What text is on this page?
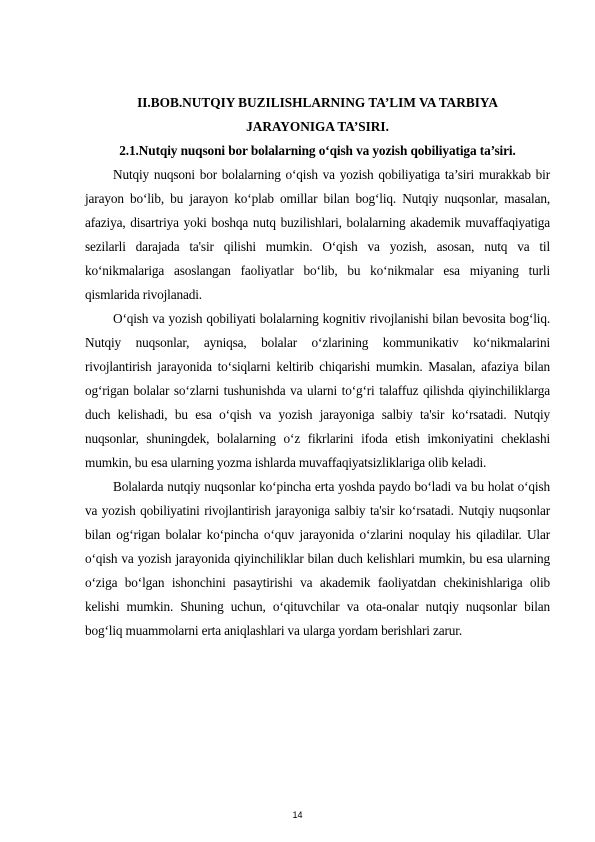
II.BOB.NUTQIY BUZILISHLARNING TA’LIM VA TARBIYA

JARAYONIGA TA’SIRI.

2.1.Nutqiy nuqsoni bor bolalarning o‘qish va yozish qobiliyatiga ta’siri.

Nutqiy nuqsoni bor bolalarning o‘qish va yozish qobiliyatiga ta’siri murakkab bir jarayon bo‘lib, bu jarayon ko‘plab omillar bilan bog‘liq. Nutqiy nuqsonlar, masalan, afaziya, disartriya yoki boshqa nutq buzilishlari, bolalarning akademik muvaffaqiyatiga sezilarli darajada ta'sir qilishi mumkin. O‘qish va yozish, asosan, nutq va til ko‘nikmalariga asoslangan faoliyatlar bo‘lib, bu ko‘nikmalar esa miyaning turli qismlarida rivojlanadi.

O‘qish va yozish qobiliyati bolalarning kognitiv rivojlanishi bilan bevosita bog‘liq. Nutqiy nuqsonlar, ayniqsa, bolalar o‘zlarining kommunikativ ko‘nikmalarini rivojlantirish jarayonida to‘siqlarni keltirib chiqarishi mumkin. Masalan, afaziya bilan og‘rigan bolalar so‘zlarni tushunishda va ularni to‘g‘ri talaffuz qilishda qiyinchiliklarga duch kelishadi, bu esa o‘qish va yozish jarayoniga salbiy ta'sir ko‘rsatadi. Nutqiy nuqsonlar, shuningdek, bolalarning o‘z fikrlarini ifoda etish imkoniyatini cheklashi mumkin, bu esa ularning yozma ishlarda muvaffaqiyatsizliklariga olib keladi.

Bolalarda nutqiy nuqsonlar ko‘pincha erta yoshda paydo bo‘ladi va bu holat o‘qish va yozish qobiliyatini rivojlantirish jarayoniga salbiy ta'sir ko‘rsatadi. Nutqiy nuqsonlar bilan og‘rigan bolalar ko‘pincha o‘quv jarayonida o‘zlarini noqulay his qiladilar. Ular o‘qish va yozish jarayonida qiyinchiliklar bilan duch kelishlari mumkin, bu esa ularning o‘ziga bo‘lgan ishonchini pasaytirishi va akademik faoliyatdan chekinishlariga olib kelishi mumkin. Shuning uchun, o‘qituvchilar va ota-onalar nutqiy nuqsonlar bilan bog‘liq muammolarni erta aniqlashlari va ularga yordam berishlari zarur.

14
